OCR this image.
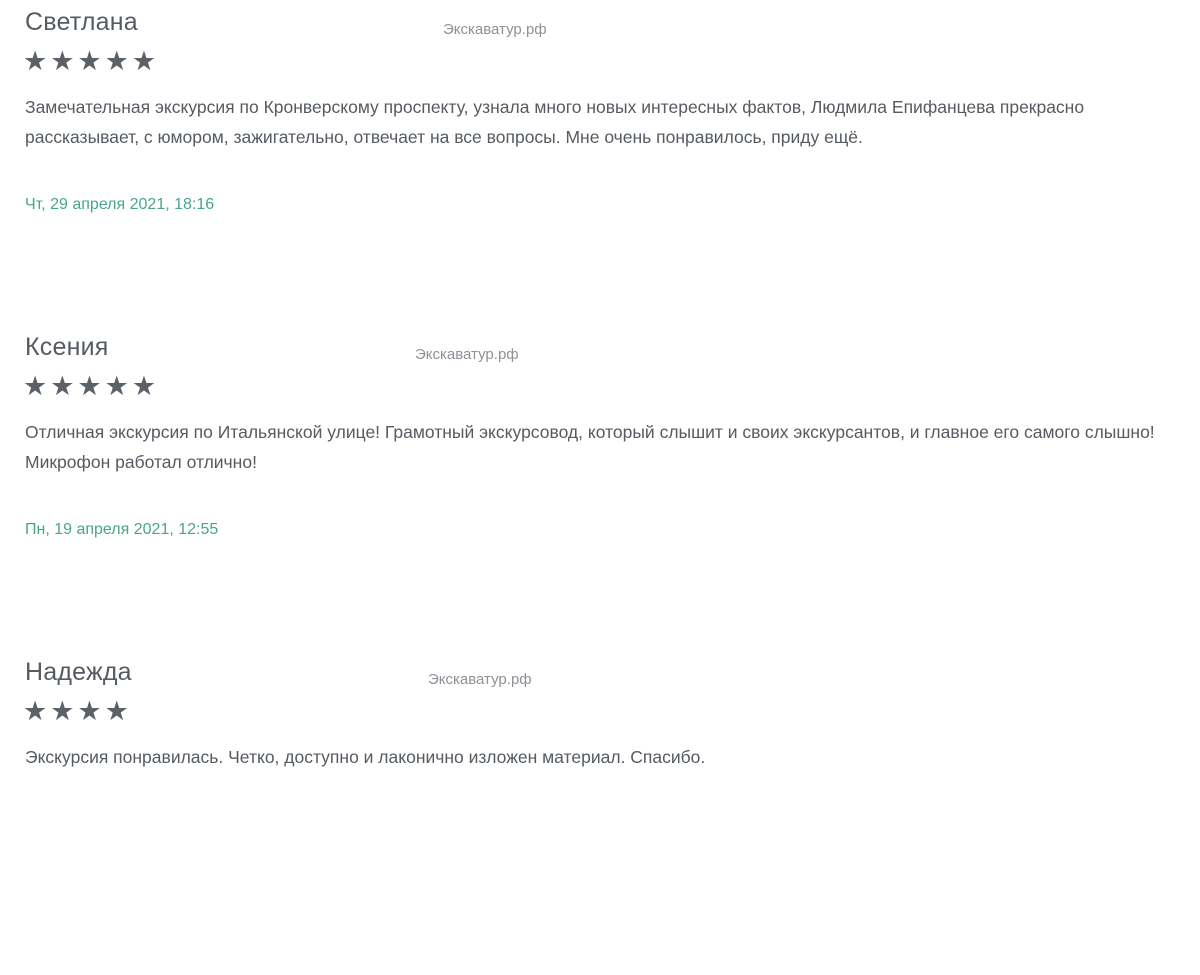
Светлана	Экскаватур.рф
★★★★★
Замечательная экскурсия по Кронверскому проспекту, узнала много новых интересных фактов, Людмила Епифанцева прекрасно рассказывает, с юмором, зажигательно, отвечает на все вопросы. Мне очень понравилось, приду ещё.
Чт, 29 апреля 2021, 18:16
Ксения	Экскаватур.рф
★★★★★
Отличная экскурсия по Итальянской улице! Грамотный экскурсовод, который слышит и своих экскурсантов, и главное его самого слышно! Микрофон работал отлично!
Пн, 19 апреля 2021, 12:55
Надежда	Экскаватур.рф
★★★★
Экскурсия понравилась. Четко, доступно и лаконично изложен материал. Спасибо.
